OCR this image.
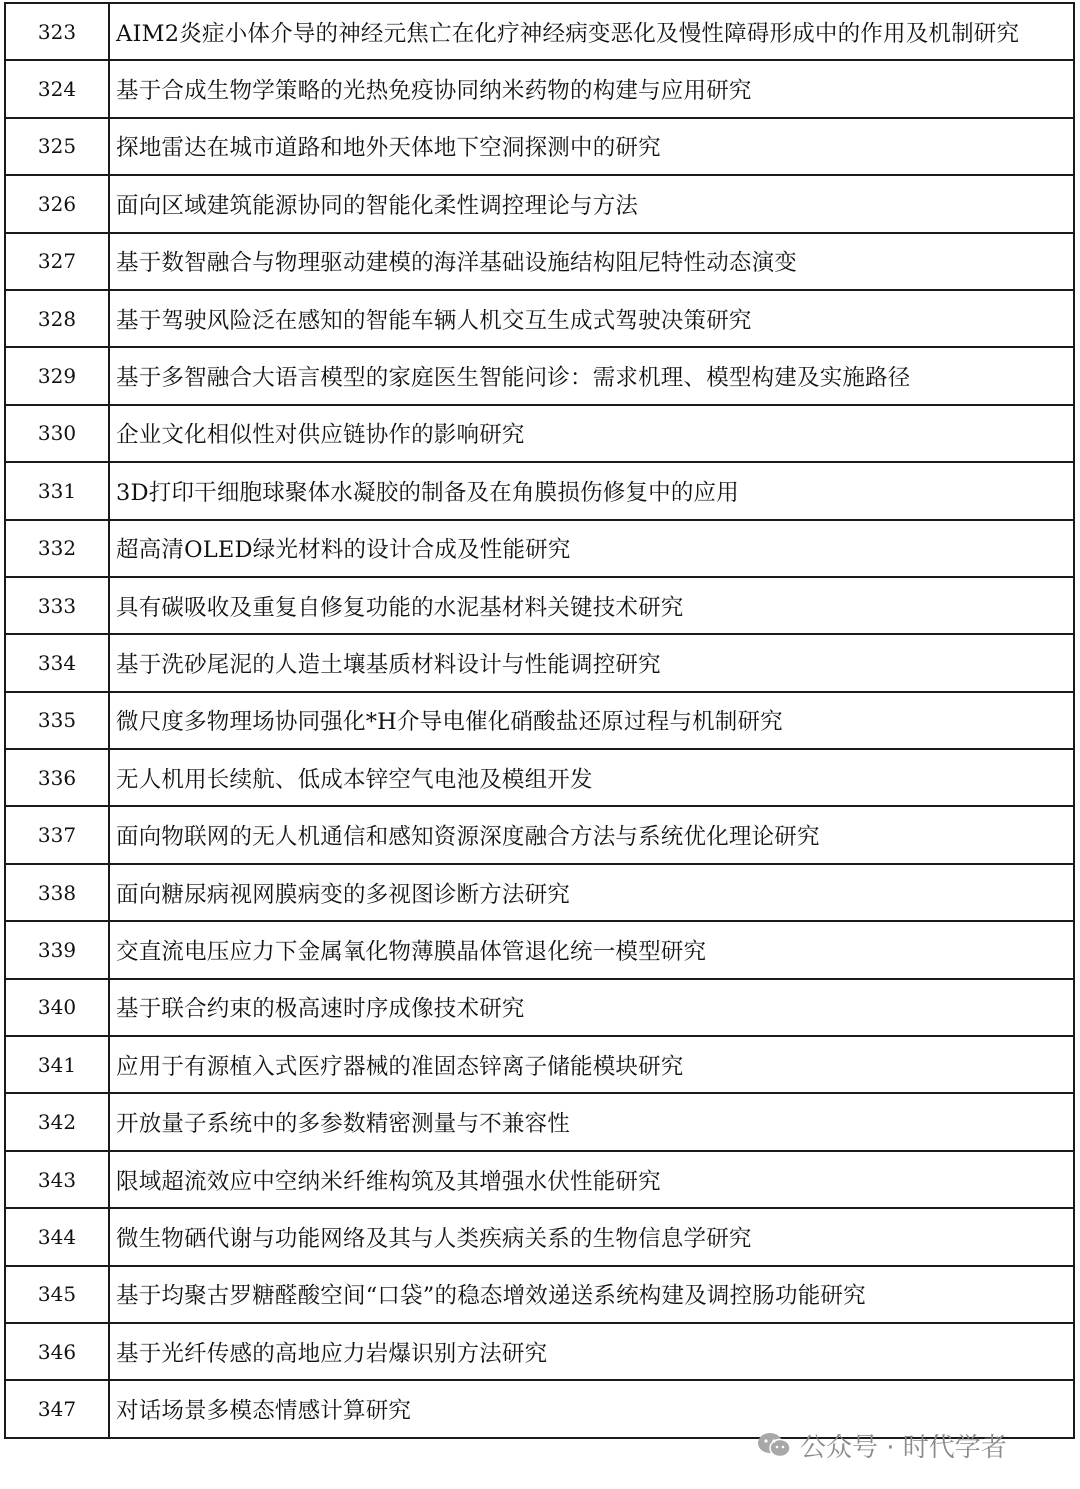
323	AIM2炎症小体介导的神经元焦亡在化疗神经病变恶化及慢性障碍形成中的作用及机制研究
324	基于合成生物学策略的光热免疫协同纳米药物的构建与应用研究
325	探地雷达在城市道路和地外天体地下空洞探测中的研究
326	面向区域建筑能源协同的智能化柔性调控理论与方法
327	基于数智融合与物理驱动建模的海洋基础设施结构阻尼特性动态演变
328	基于驾驶风险泛在感知的智能车辆人机交互生成式驾驶决策研究
329	基于多智融合大语言模型的家庭医生智能问诊：需求机理、模型构建及实施路径
330	企业文化相似性对供应链协作的影响研究
331	3D打印干细胞球聚体水凝胶的制备及在角膜损伤修复中的应用
332	超高清OLED绿光材料的设计合成及性能研究
333	具有碳吸收及重复自修复功能的水泥基材料关键技术研究
334	基于洗砂尾泥的人造土壤基质材料设计与性能调控研究
335	微尺度多物理场协同强化*H介导电催化硝酸盐还原过程与机制研究
336	无人机用长续航、低成本锌空气电池及模组开发
337	面向物联网的无人机通信和感知资源深度融合方法与系统优化理论研究
338	面向糖尿病视网膜病变的多视图诊断方法研究
339	交直流电压应力下金属氧化物薄膜晶体管退化统一模型研究
340	基于联合约束的极高速时序成像技术研究
341	应用于有源植入式医疗器械的准固态锌离子储能模块研究
342	开放量子系统中的多参数精密测量与不兼容性
343	限域超流效应中空纳米纤维构筑及其增强水伏性能研究
344	微生物硒代谢与功能网络及其与人类疾病关系的生物信息学研究
345	基于均聚古罗糖醛酸空间“口袋”的稳态增效递送系统构建及调控肠功能研究
346	基于光纤传感的高地应力岩爆识别方法研究
347	对话场景多模态情感计算研究
公众号 · 时代学者
